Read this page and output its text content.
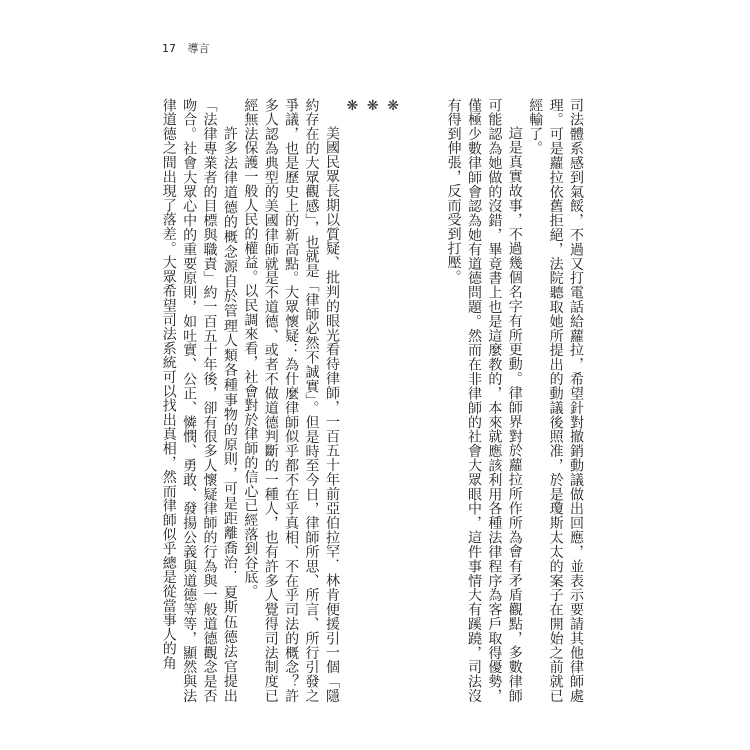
17 導言

司法體系感到氣餒，不過又打電話給蘿拉，希望針對撤銷動議做出回應，並表示要請其他律師處理。可是蘿拉依舊拒絕，法院聽取她所提出的動議後照准，於是瓊斯太太的案子在開始之前就已經輸了。

這是真實故事，不過幾個名字有所更動。律師界對於蘿拉所作所為會有矛盾觀點，多數律師可能認為她做的沒錯，畢竟書上也是這麼教的，本來就應該利用各種法律程序為客戶取得優勢，僅極少數律師會認為她有道德問題。然而在非律師的社會大眾眼中，這件事情大有蹊蹺，司法沒有得到伸張，反而受到打壓。

❋ ❋ ❋

美國民眾長期以質疑、批判的眼光看待律師，一百五十年前亞伯拉罕．林肯便援引一個「隱約存在的大眾觀感」，也就是「律師必然不誠實」。但是時至今日，律師所思、所言、所行引發之爭議，也是歷史上的新高點。大眾懷疑：為什麼律師似乎都不在乎真相、不在乎司法的概念？許多人認為典型的美國律師就是不道德、或者不做道德判斷的一種人，也有許多人覺得司法制度已經無法保護一般人民的權益。以民調來看，社會對於律師的信心已經落到谷底。

許多法律道德的概念源自於管理人類各種事物的原則，可是距離喬治．夏斯伍德法官提出「法律專業者的目標與職責」約一百五十年後，卻有很多人懷疑律師的行為與一般道德觀念是否吻合。社會大眾心中的重要原則，如吐實、公正、憐憫、勇敢、發揚公義與道德等等，顯然與法律道德之間出現了落差。大眾希望司法系統可以找出真相，然而律師似乎總是從當事人的角
